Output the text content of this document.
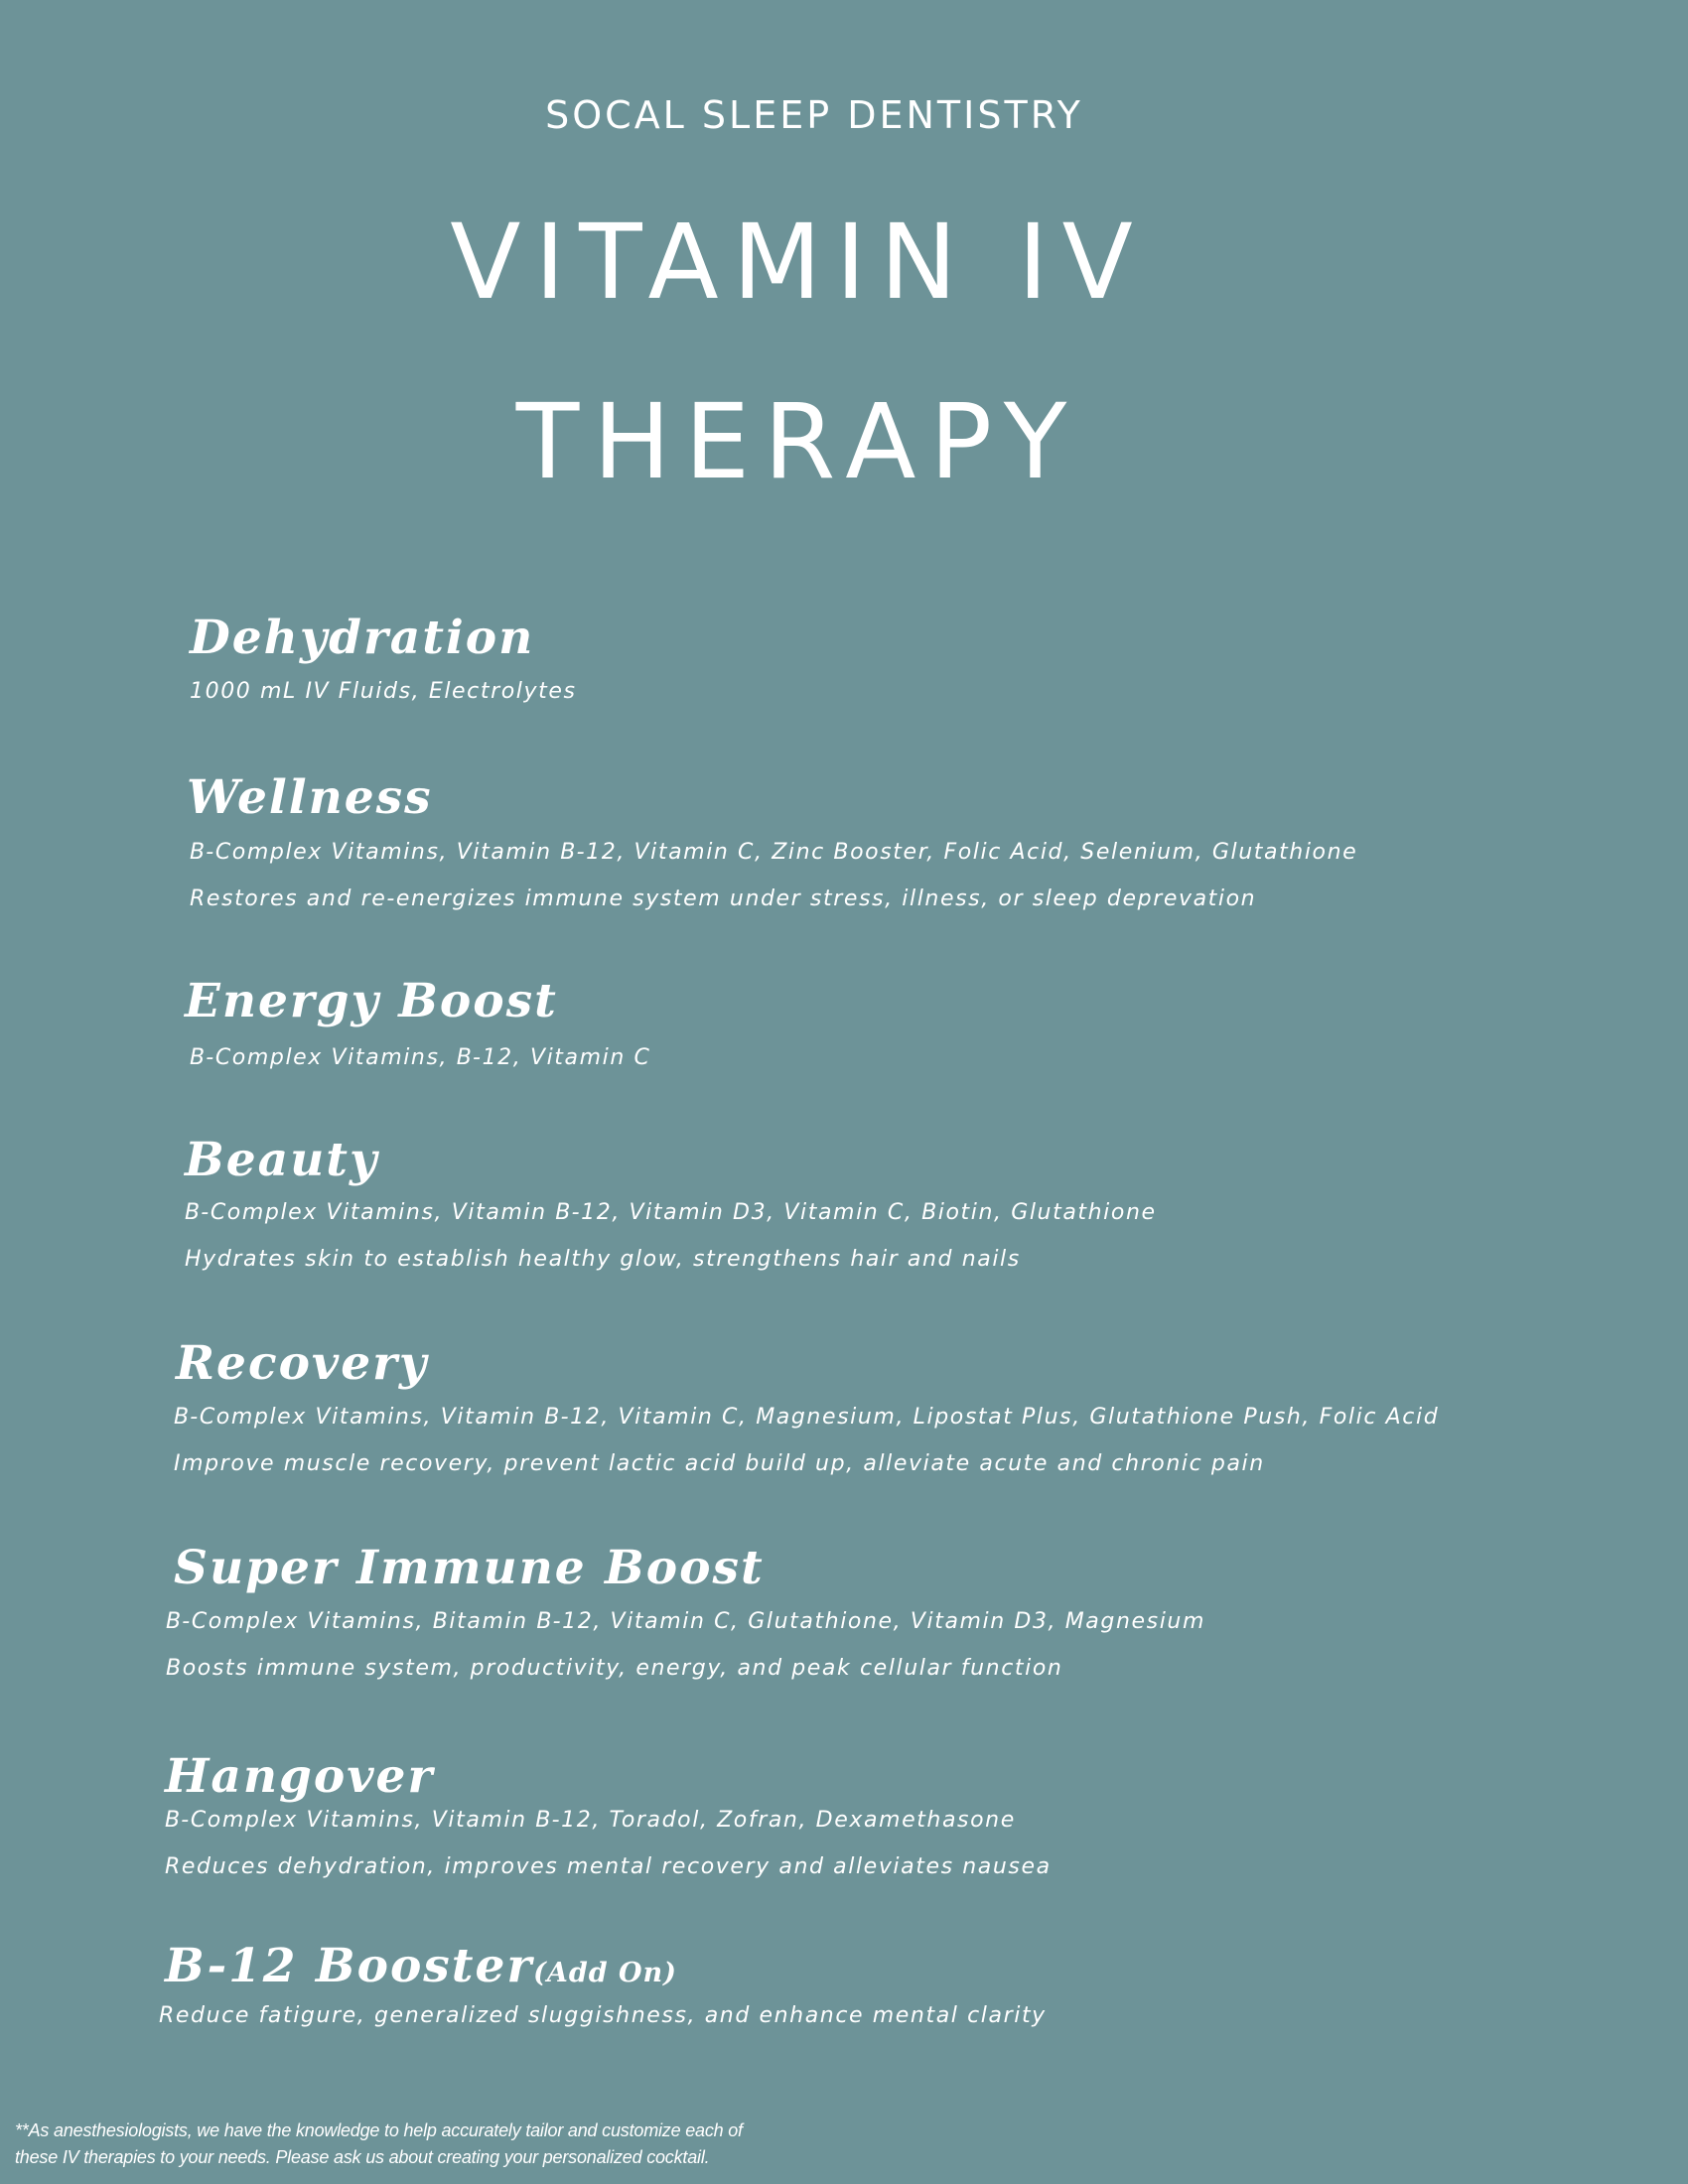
SOCAL SLEEP DENTISTRY
VITAMIN IV
THERAPY
Dehydration

1000 mL IV Fluids, Electrolytes

Wellness

B-Complex Vitamins, Vitamin B-12, Vitamin C, Zinc Booster, Folic Acid, Selenium, Glutathione

Restores and re-energizes immune system under stress, illness, or sleep deprevation

Energy Boost

B-Complex Vitamins, B-12, Vitamin C

Beauty

B-Complex Vitamins, Vitamin B-12, Vitamin D3, Vitamin C, Biotin, Glutathione

Hydrates skin to establish healthy glow, strengthens hair and nails

Recovery

B-Complex Vitamins, Vitamin B-12, Vitamin C, Magnesium, Lipostat Plus, Glutathione Push, Folic Acid

Improve muscle recovery, prevent lactic acid build up, alleviate acute and chronic pain

Super Immune Boost

B-Complex Vitamins, Bitamin B-12, Vitamin C, Glutathione, Vitamin D3, Magnesium

Boosts immune system, productivity, energy, and peak cellular function

Hangover

B-Complex Vitamins, Vitamin B-12, Toradol, Zofran, Dexamethasone

Reduces dehydration, improves mental recovery and alleviates nausea

B-12 Booster(Add On)

Reduce fatigure, generalized sluggishness, and enhance mental clarity

**As anesthesiologists, we have the knowledge to help accurately tailor and customize each of
these IV therapies to your needs. Please ask us about creating your personalized cocktail.
